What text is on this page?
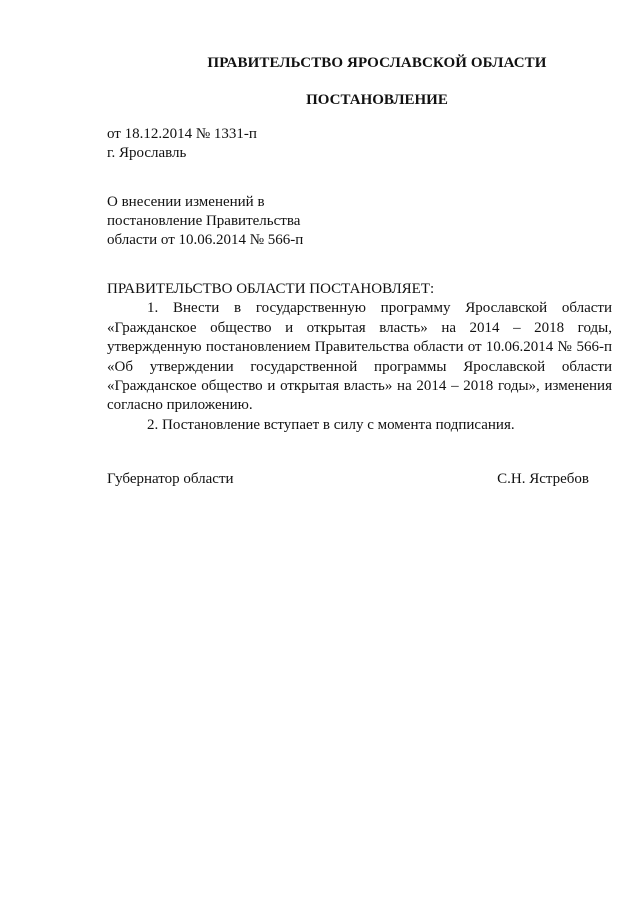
ПРАВИТЕЛЬСТВО ЯРОСЛАВСКОЙ ОБЛАСТИ
ПОСТАНОВЛЕНИЕ
от 18.12.2014 № 1331-п
г. Ярославль
О внесении изменений в
постановление Правительства
области от 10.06.2014 № 566-п

ПРАВИТЕЛЬСТВО ОБЛАСТИ ПОСТАНОВЛЯЕТ:

1. Внести в государственную программу Ярославской области «Гражданское общество и открытая власть» на 2014 – 2018 годы, утвержденную постановлением Правительства области от 10.06.2014 № 566-п «Об утверждении государственной программы Ярославской области «Гражданское общество и открытая власть» на 2014 – 2018 годы», изменения согласно приложению.

2. Постановление вступает в силу с момента подписания.

Губернатор области	С.Н. Ястребов
